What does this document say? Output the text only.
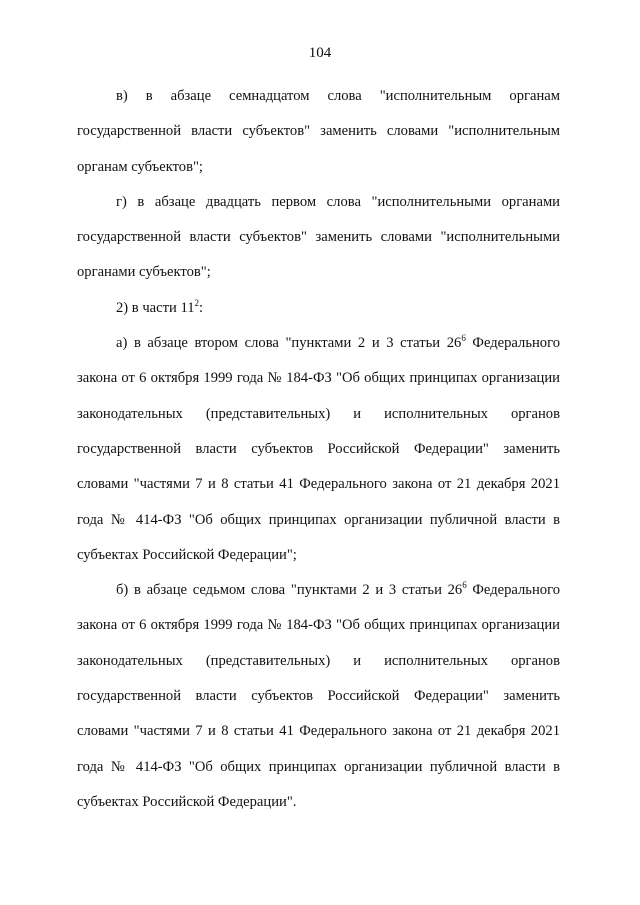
104

в) в абзаце семнадцатом слова "исполнительным органам государственной власти субъектов" заменить словами "исполнительным органам субъектов";

г) в абзаце двадцать первом слова "исполнительными органами государственной власти субъектов" заменить словами "исполнительными органами субъектов";

2) в части $11^2$:

а) в абзаце втором слова "пунктами 2 и 3 статьи $26^6$ Федерального закона от 6 октября 1999 года № 184-ФЗ "Об общих принципах организации законодательных (представительных) и исполнительных органов государственной власти субъектов Российской Федерации" заменить словами "частями 7 и 8 статьи 41 Федерального закона от 21 декабря 2021 года № 414-ФЗ "Об общих принципах организации публичной власти в субъектах Российской Федерации";

б) в абзаце седьмом слова "пунктами 2 и 3 статьи $26^6$ Федерального закона от 6 октября 1999 года № 184-ФЗ "Об общих принципах организации законодательных (представительных) и исполнительных органов государственной власти субъектов Российской Федерации" заменить словами "частями 7 и 8 статьи 41 Федерального закона от 21 декабря 2021 года № 414-ФЗ "Об общих принципах организации публичной власти в субъектах Российской Федерации".
